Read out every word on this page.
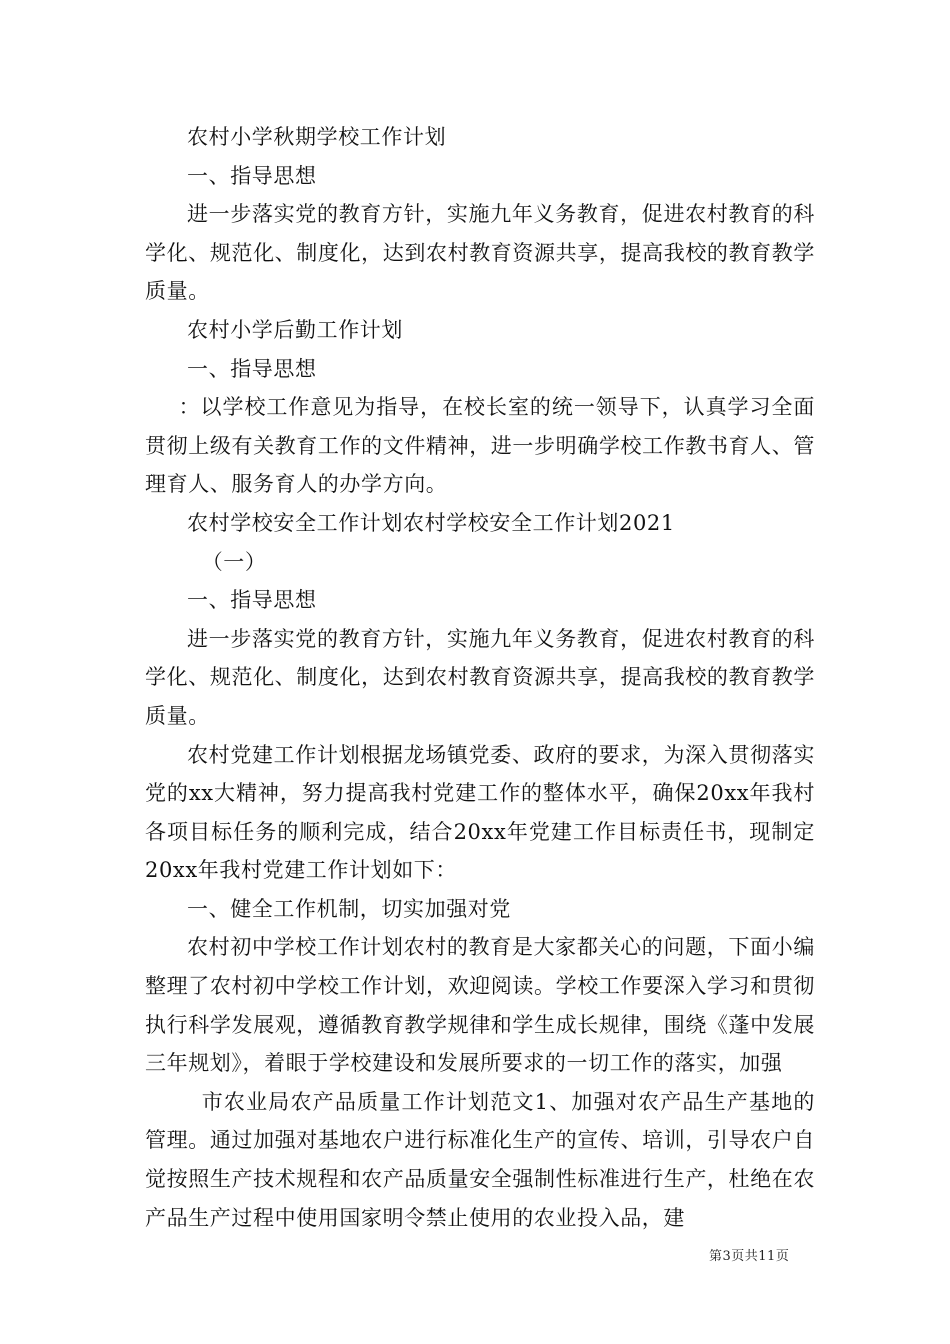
农村小学秋期学校工作计划

一、指导思想

进一步落实党的教育方针，实施九年义务教育，促进农村教育的科学化、规范化、制度化，达到农村教育资源共享，提高我校的教育教学质量。

农村小学后勤工作计划

一、指导思想

：以学校工作意见为指导，在校长室的统一领导下，认真学习全面贯彻上级有关教育工作的文件精神，进一步明确学校工作教书育人、管理育人、服务育人的办学方向。

农村学校安全工作计划农村学校安全工作计划2021

（一）

一、指导思想

进一步落实党的教育方针，实施九年义务教育，促进农村教育的科学化、规范化、制度化，达到农村教育资源共享，提高我校的教育教学质量。

农村党建工作计划根据龙场镇党委、政府的要求，为深入贯彻落实党的xx大精神，努力提高我村党建工作的整体水平，确保20xx年我村各项目标任务的顺利完成，结合20xx年党建工作目标责任书，现制定20xx年我村党建工作计划如下：

一、健全工作机制，切实加强对党

农村初中学校工作计划农村的教育是大家都关心的问题，下面小编整理了农村初中学校工作计划，欢迎阅读。学校工作要深入学习和贯彻执行科学发展观，遵循教育教学规律和学生成长规律，围绕《蓬中发展三年规划》，着眼于学校建设和发展所要求的一切工作的落实，加强

市农业局农产品质量工作计划范文1、加强对农产品生产基地的管理。通过加强对基地农户进行标准化生产的宣传、培训，引导农户自觉按照生产技术规程和农产品质量安全强制性标准进行生产，杜绝在农产品生产过程中使用国家明令禁止使用的农业投入品，建

第3页共11页
